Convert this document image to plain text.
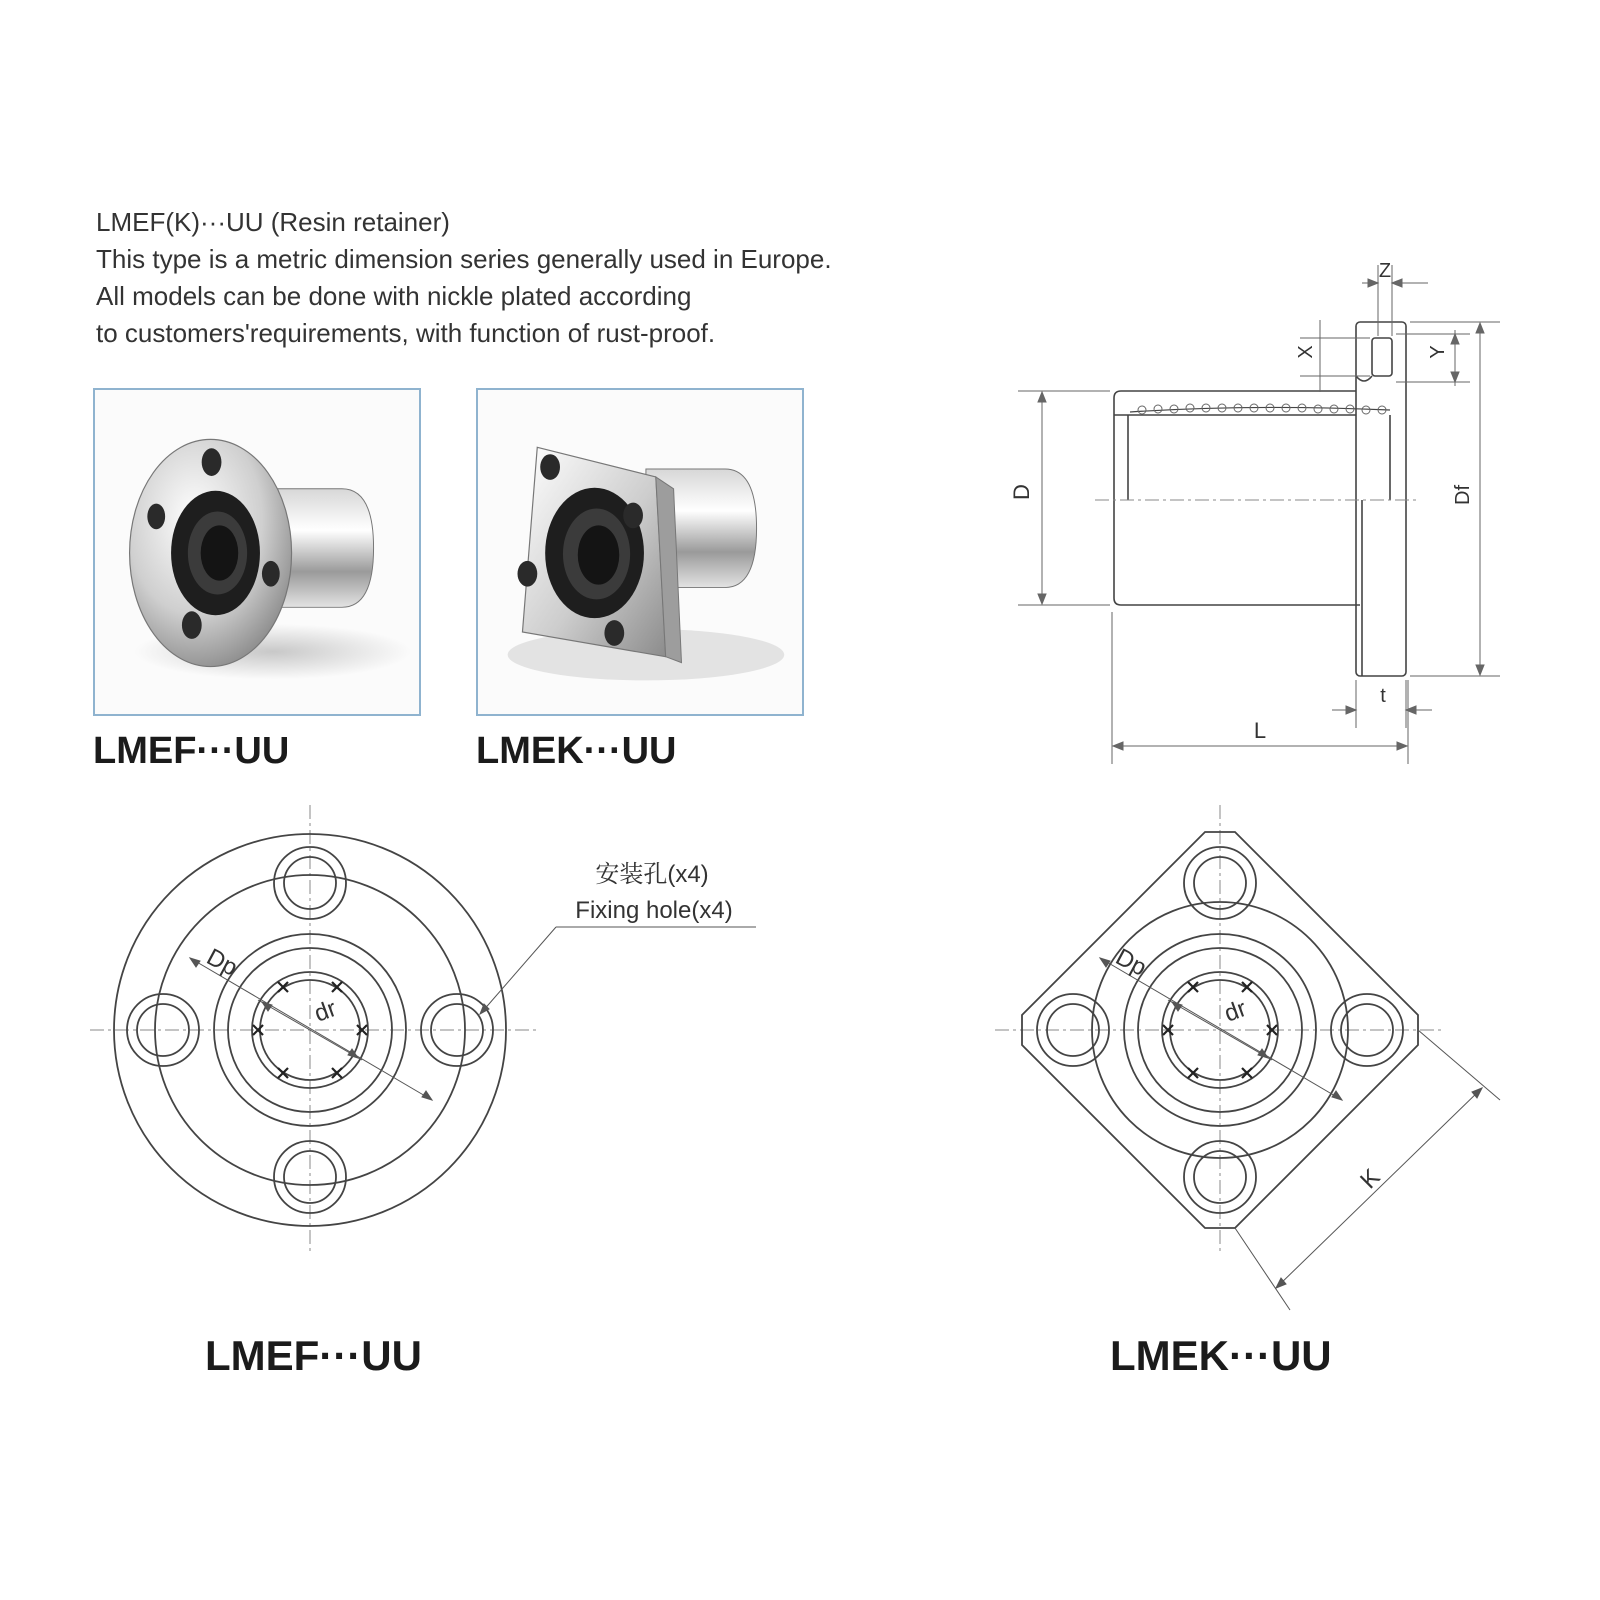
LMEF(K)···UU (Resin retainer)
This type is a metric dimension series generally used in Europe.
All models can be done with nickle plated according
to customers'requirements, with function of rust-proof.
LMEF···UU	LMEK···UU
Z
X	Y
D	Df
t
L
Dp
dr
安装孔(x4)
Fixing hole(x4)
LMEF···UU
Dp
dr
K
LMEK···UU
